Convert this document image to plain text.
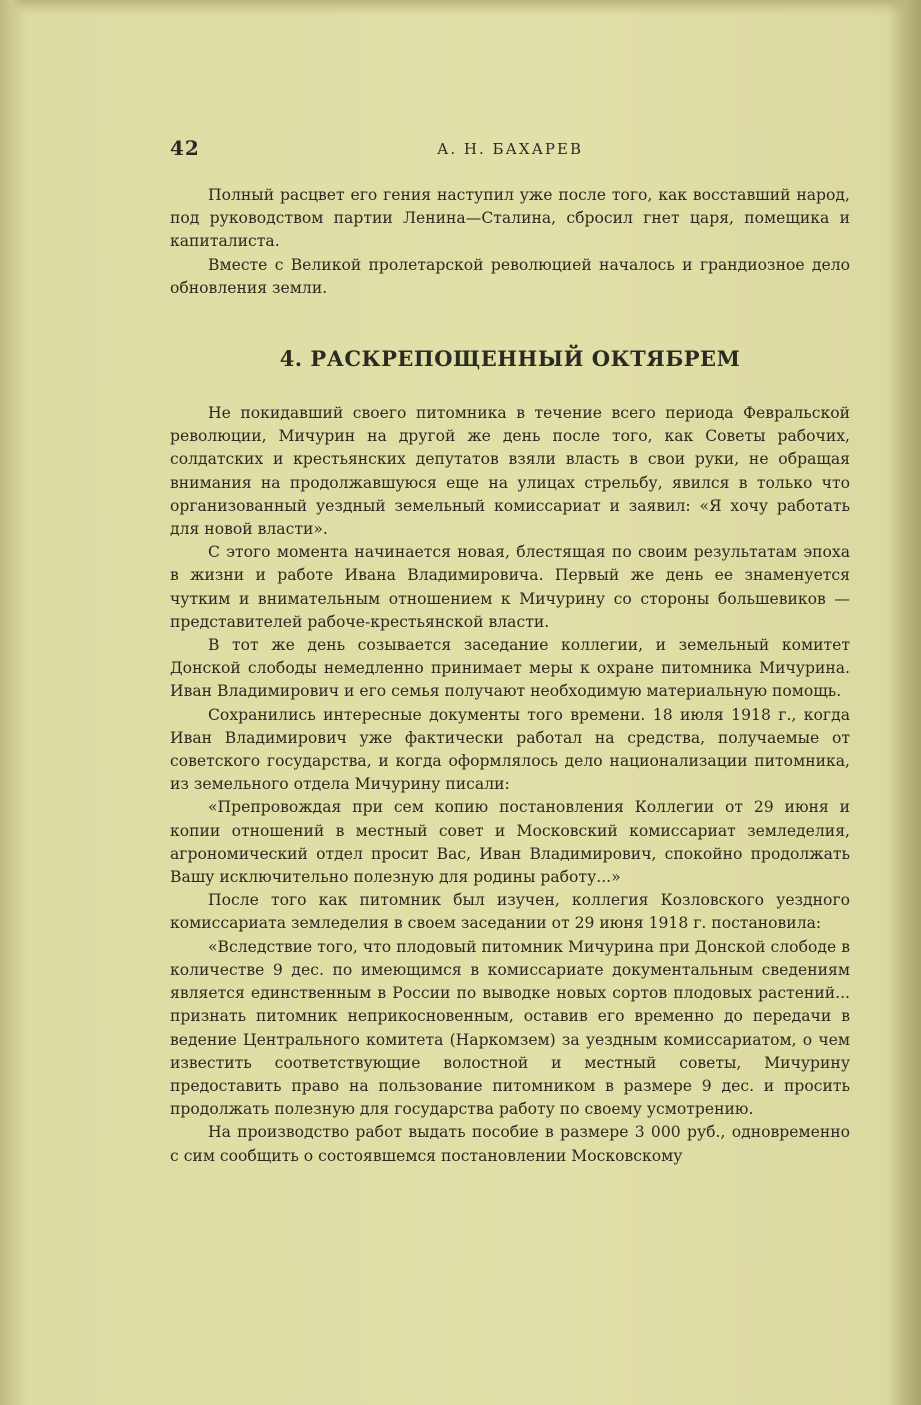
42	А. Н. БАХАРЕВ

Полный расцвет его гения наступил уже после того, как восставший народ, под руководством партии Ленина—Сталина, сбросил гнет царя, помещика и капиталиста.

Вместе с Великой пролетарской революцией началось и грандиозное дело обновления земли.

4. РАСКРЕПОЩЕННЫЙ ОКТЯБРЕМ

Не покидавший своего питомника в течение всего периода Февральской революции, Мичурин на другой же день после того, как Советы рабочих, солдатских и крестьянских депутатов взяли власть в свои руки, не обращая внимания на продолжавшуюся еще на улицах стрельбу, явился в только что организованный уездный земельный комиссариат и заявил: «Я хочу работать для новой власти».

С этого момента начинается новая, блестящая по своим результатам эпоха в жизни и работе Ивана Владимировича. Первый же день ее знаменуется чутким и внимательным отношением к Мичурину со стороны большевиков — представителей рабоче-крестьянской власти.

В тот же день созывается заседание коллегии, и земельный комитет Донской слободы немедленно принимает меры к охране питомника Мичурина. Иван Владимирович и его семья получают необходимую материальную помощь.

Сохранились интересные документы того времени. 18 июля 1918 г., когда Иван Владимирович уже фактически работал на средства, получаемые от советского государства, и когда оформлялось дело национализации питомника, из земельного отдела Мичурину писали:

«Препровождая при сем копию постановления Коллегии от 29 июня и копии отношений в местный совет и Московский комиссариат земледелия, агрономический отдел просит Вас, Иван Владимирович, спокойно продолжать Вашу исключительно полезную для родины работу...»

После того как питомник был изучен, коллегия Козловского уездного комиссариата земледелия в своем заседании от 29 июня 1918 г. постановила:

«Вследствие того, что плодовый питомник Мичурина при Донской слободе в количестве 9 дес. по имеющимся в комиссариате документальным сведениям является единственным в России по выводке новых сортов плодовых растений... признать питомник неприкосновенным, оставив его временно до передачи в ведение Центрального комитета (Наркомзем) за уездным комиссариатом, о чем известить соответствующие волостной и местный советы, Мичурину предоставить право на пользование питомником в размере 9 дес. и просить продолжать полезную для государства работу по своему усмотрению.

На производство работ выдать пособие в размере 3 000 руб., одновременно с сим сообщить о состоявшемся постановлении Московскому
